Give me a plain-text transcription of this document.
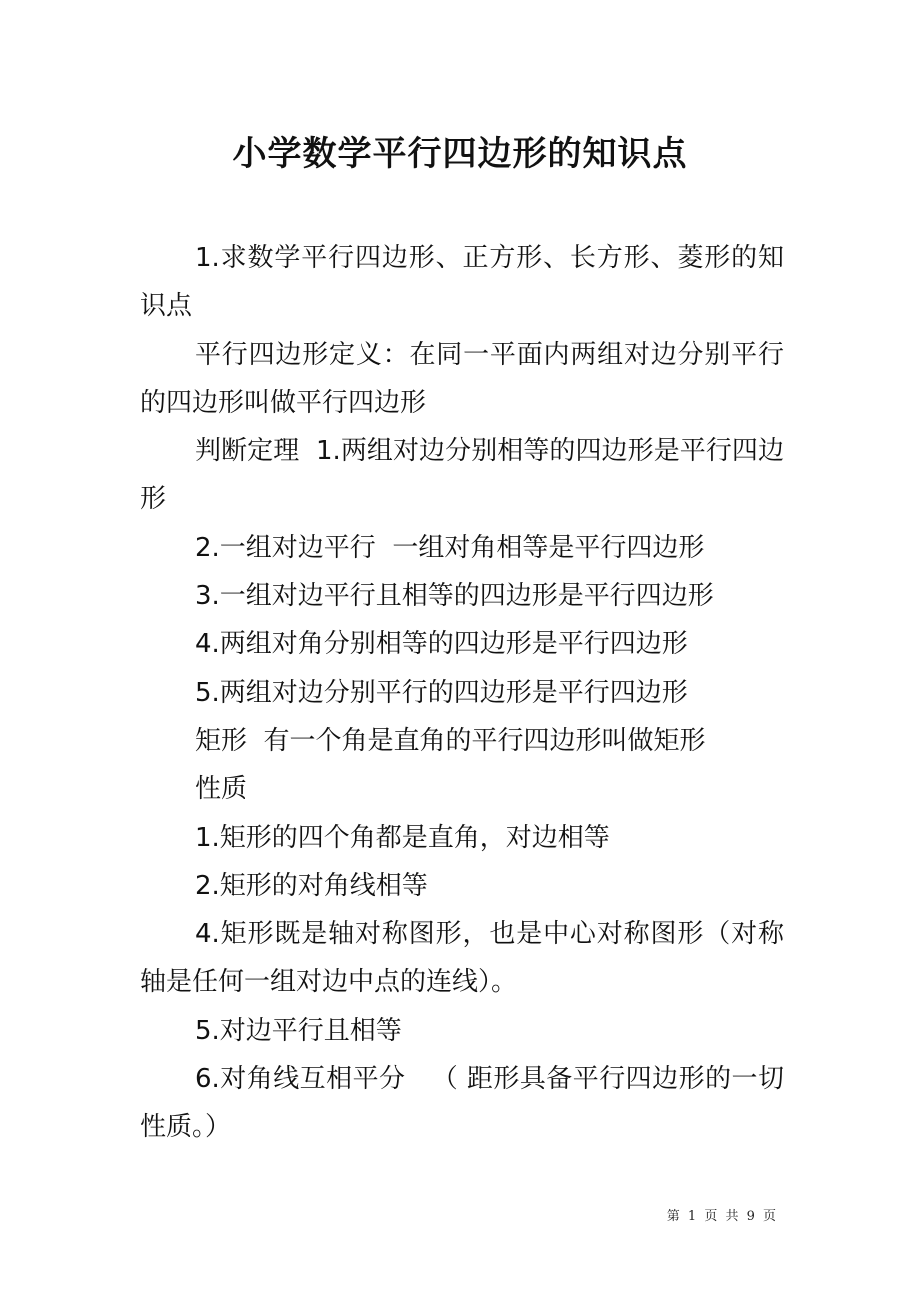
小学数学平行四边形的知识点

1.求数学平行四边形、正方形、长方形、菱形的知识点

平行四边形定义：在同一平面内两组对边分别平行的四边形叫做平行四边形

判断定理  1.两组对边分别相等的四边形是平行四边形

2.一组对边平行  一组对角相等是平行四边形

3.一组对边平行且相等的四边形是平行四边形

4.两组对角分别相等的四边形是平行四边形

5.两组对边分别平行的四边形是平行四边形

矩形  有一个角是直角的平行四边形叫做矩形

性质

1.矩形的四个角都是直角，对边相等

2.矩形的对角线相等

4.矩形既是轴对称图形，也是中心对称图形（对称轴是任何一组对边中点的连线）。

5.对边平行且相等

6.对角线互相平分   （ 距形具备平行四边形的一切性质。）

第 1 页 共 9 页
